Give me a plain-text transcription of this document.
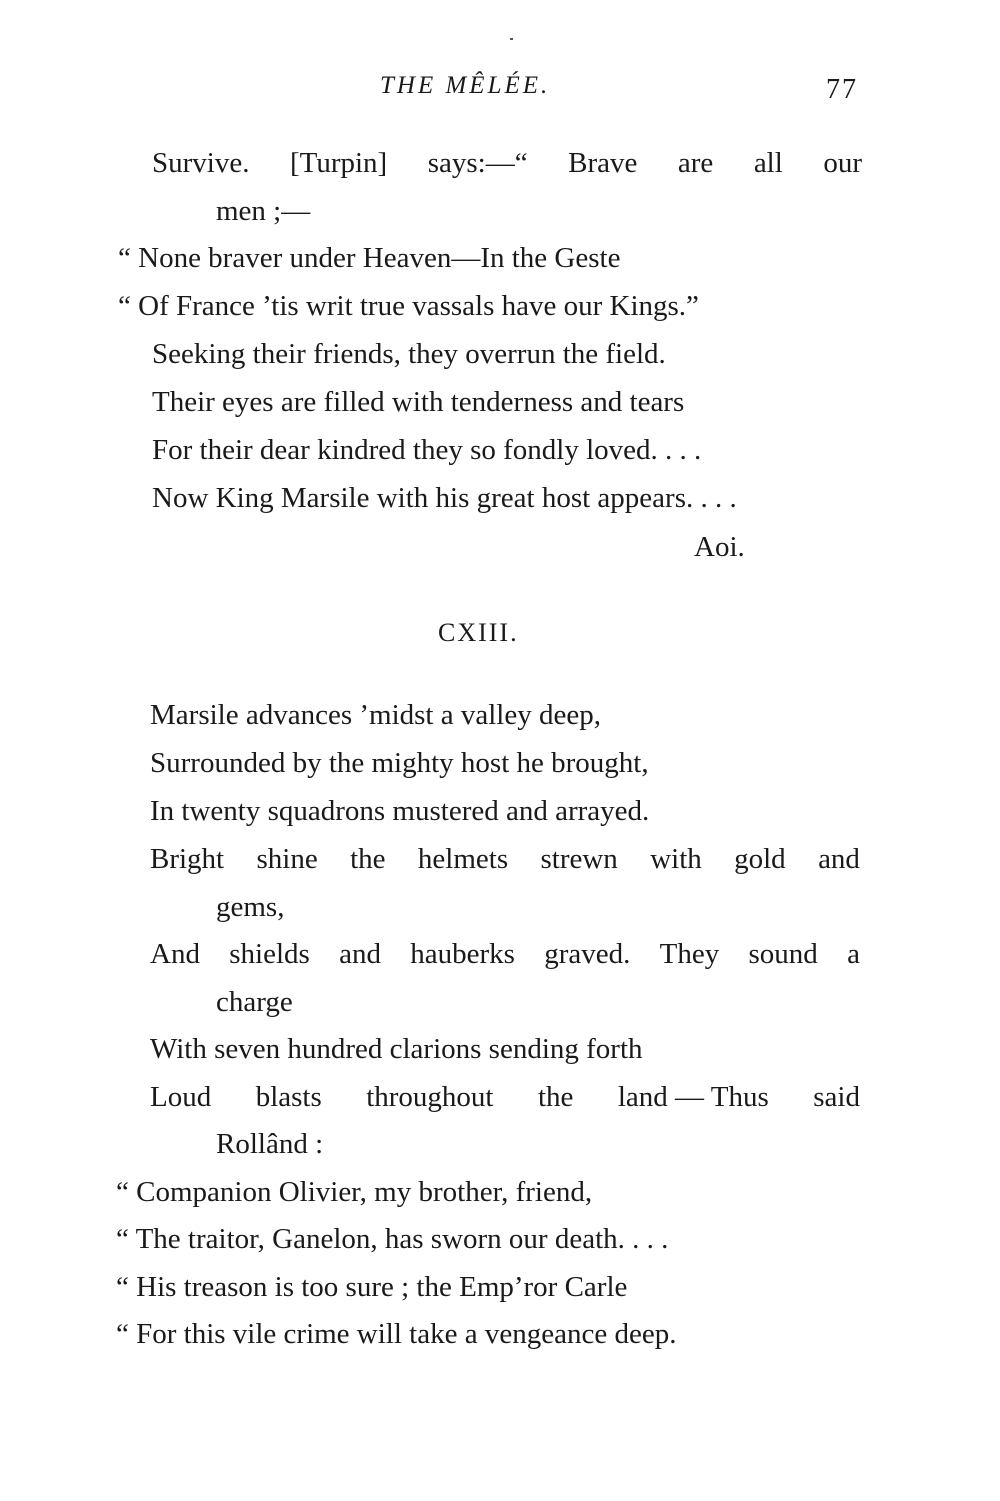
THE MÊLÉE.	77
Survive. [Turpin] says:—“ Brave are all our
men ;—
“ None braver under Heaven—In the Geste
“ Of France ’tis writ true vassals have our Kings.”
Seeking their friends, they overrun the field.
Their eyes are filled with tenderness and tears
For their dear kindred they so fondly loved. . . .
Now King Marsile with his great host appears. . . .
Aoi.
CXIII.
Marsile advances ’midst a valley deep,
Surrounded by the mighty host he brought,
In twenty squadrons mustered and arrayed.
Bright shine the helmets strewn with gold and
gems,
And shields and hauberks graved. They sound a
charge
With seven hundred clarions sending forth
Loud blasts throughout the land — Thus said
Rollând :
“ Companion Olivier, my brother, friend,
“ The traitor, Ganelon, has sworn our death. . . .
“ His treason is too sure ; the Emp’ror Carle
“ For this vile crime will take a vengeance deep.
